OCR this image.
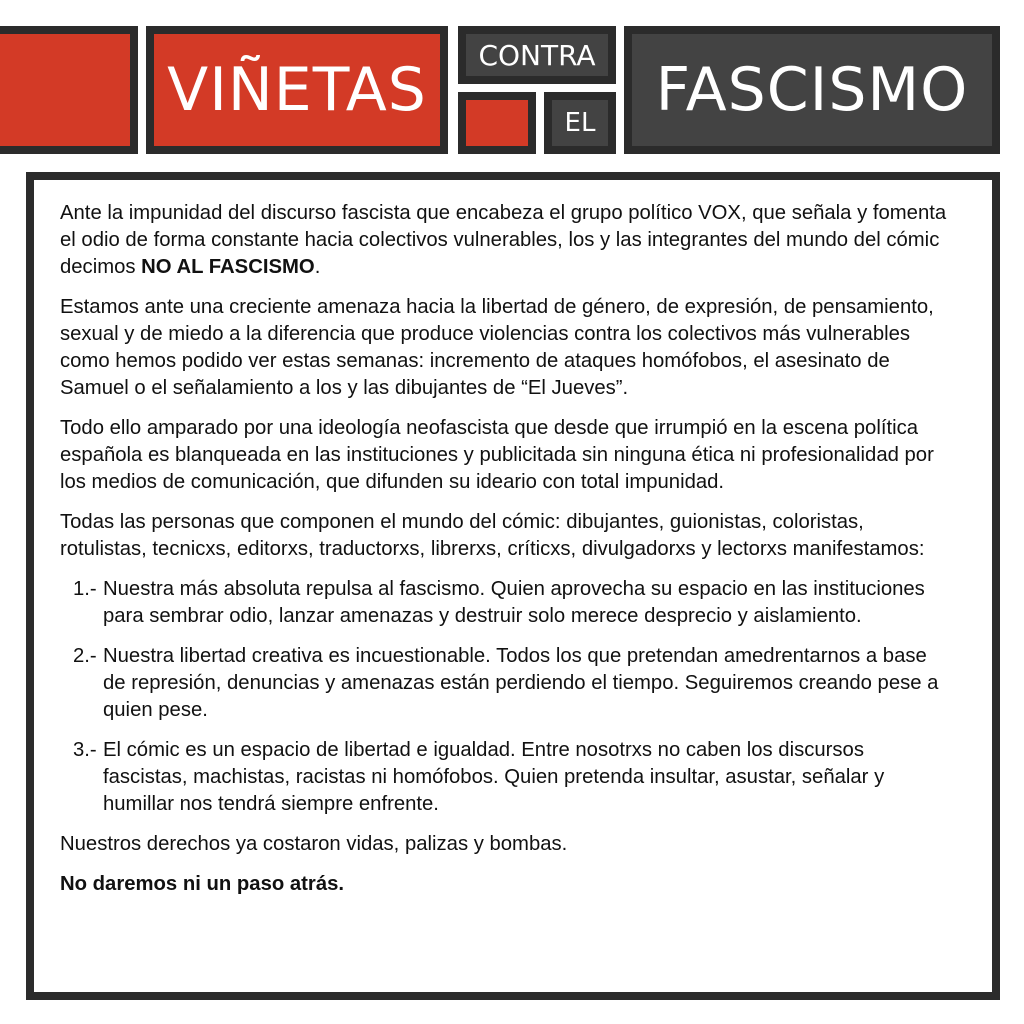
VIÑETAS	CONTRA
EL	FASCISMO

Ante la impunidad del discurso fascista que encabeza el grupo político VOX, que señala y fomenta el odio de forma constante hacia colectivos vulnerables, los y las integrantes del mundo del cómic decimos NO AL FASCISMO.

Estamos ante una creciente amenaza hacia la libertad de género, de expresión, de pensamiento, sexual y de miedo a la diferencia que produce violencias contra los colectivos más vulnerables como hemos podido ver estas semanas: incremento de ataques homófobos, el asesinato de Samuel o el señalamiento a los y las dibujantes de “El Jueves”.

Todo ello amparado por una ideología neofascista que desde que irrumpió en la escena política española es blanqueada en las instituciones y publicitada sin ninguna ética ni profesionalidad por los medios de comunicación, que difunden su ideario con total impunidad.

Todas las personas que componen el mundo del cómic: dibujantes, guionistas, coloristas, rotulistas, tecnicxs, editorxs, traductorxs, librerxs, críticxs, divulgadorxs y lectorxs manifestamos:

1.- Nuestra más absoluta repulsa al fascismo. Quien aprovecha su espacio en las instituciones para sembrar odio, lanzar amenazas y destruir solo merece desprecio y aislamiento.
2.- Nuestra libertad creativa es incuestionable. Todos los que pretendan amedrentarnos a base de represión, denuncias y amenazas están perdiendo el tiempo. Seguiremos creando pese a quien pese.
3.- El cómic es un espacio de libertad e igualdad. Entre nosotrxs no caben los discursos fascistas, machistas, racistas ni homófobos. Quien pretenda insultar, asustar, señalar y humillar nos tendrá siempre enfrente.

Nuestros derechos ya costaron vidas, palizas y bombas.

No daremos ni un paso atrás.
